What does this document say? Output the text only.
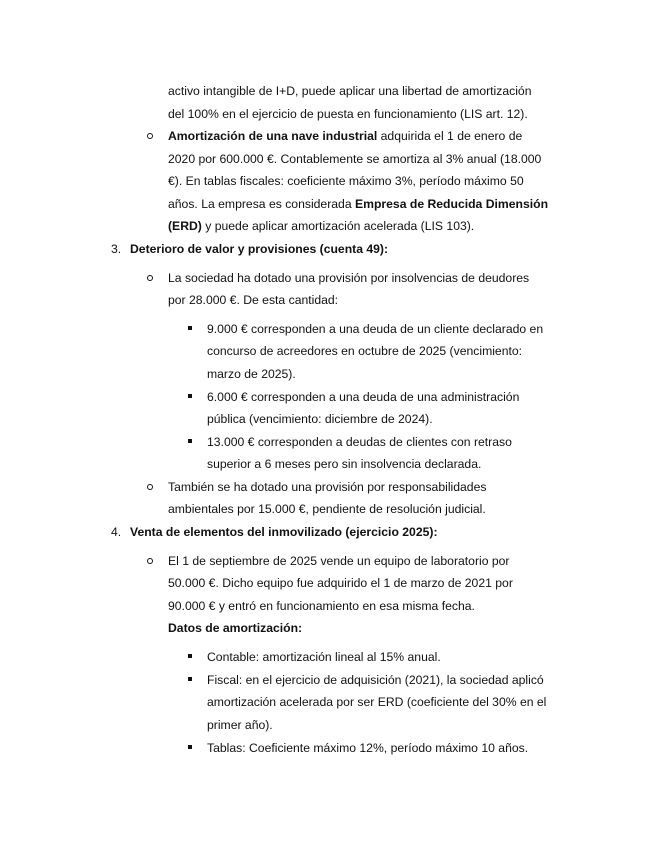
activo intangible de I+D, puede aplicar una libertad de amortización
del 100% en el ejercicio de puesta en funcionamiento (LIS art. 12).
Amortización de una nave industrial adquirida el 1 de enero de
2020 por 600.000 €. Contablemente se amortiza al 3% anual (18.000
€). En tablas fiscales: coeficiente máximo 3%, período máximo 50
años. La empresa es considerada Empresa de Reducida Dimensión
(ERD) y puede aplicar amortización acelerada (LIS 103).
3. Deterioro de valor y provisiones (cuenta 49):
La sociedad ha dotado una provisión por insolvencias de deudores
por 28.000 €. De esta cantidad:
9.000 € corresponden a una deuda de un cliente declarado en
concurso de acreedores en octubre de 2025 (vencimiento:
marzo de 2025).
6.000 € corresponden a una deuda de una administración
pública (vencimiento: diciembre de 2024).
13.000 € corresponden a deudas de clientes con retraso
superior a 6 meses pero sin insolvencia declarada.
También se ha dotado una provisión por responsabilidades
ambientales por 15.000 €, pendiente de resolución judicial.
4. Venta de elementos del inmovilizado (ejercicio 2025):
El 1 de septiembre de 2025 vende un equipo de laboratorio por
50.000 €. Dicho equipo fue adquirido el 1 de marzo de 2021 por
90.000 € y entró en funcionamiento en esa misma fecha.
Datos de amortización:
Contable: amortización lineal al 15% anual.
Fiscal: en el ejercicio de adquisición (2021), la sociedad aplicó
amortización acelerada por ser ERD (coeficiente del 30% en el
primer año).
Tablas: Coeficiente máximo 12%, período máximo 10 años.
